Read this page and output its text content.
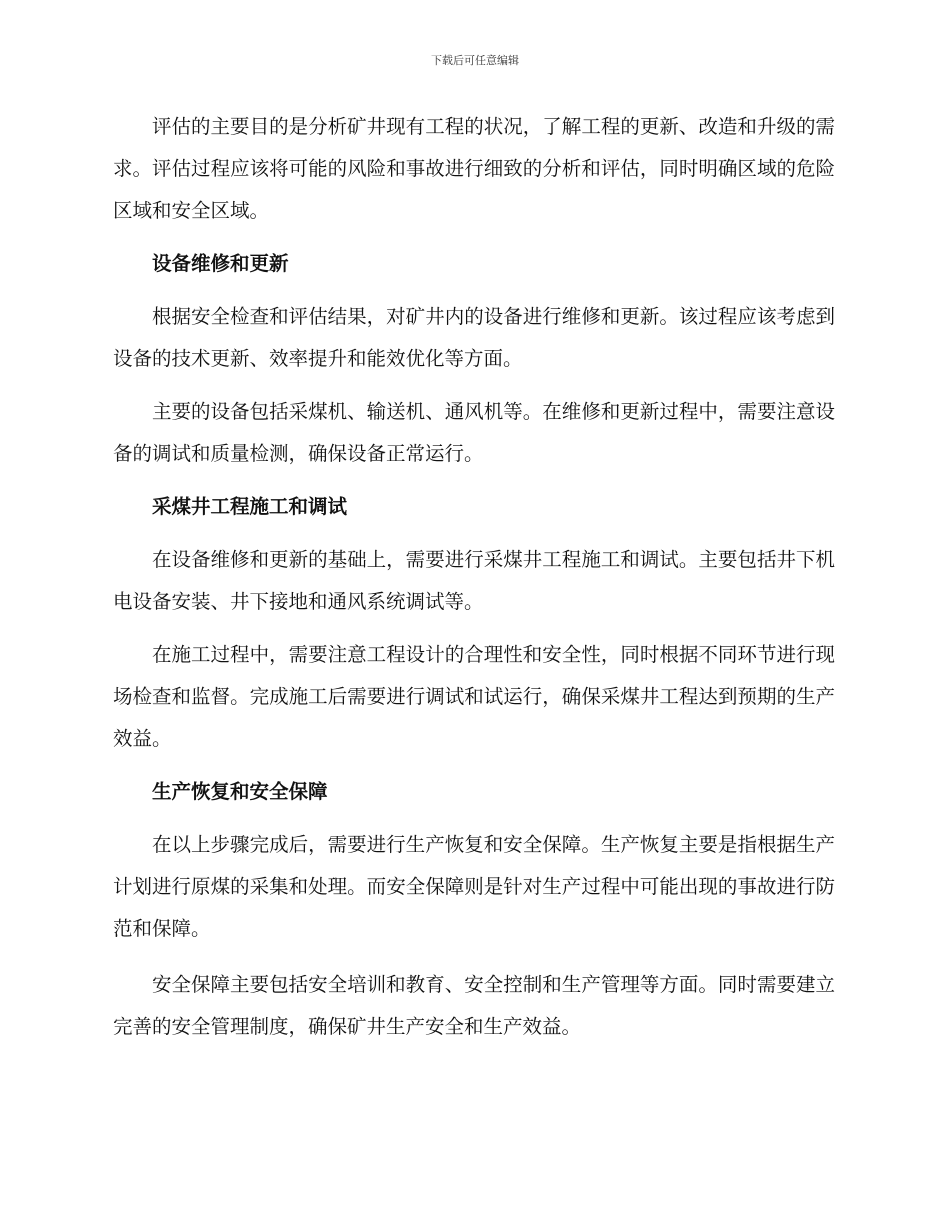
下载后可任意编辑

评估的主要目的是分析矿井现有工程的状况，了解工程的更新、改造和升级的需求。评估过程应该将可能的风险和事故进行细致的分析和评估，同时明确区域的危险区域和安全区域。

设备维修和更新

根据安全检查和评估结果，对矿井内的设备进行维修和更新。该过程应该考虑到设备的技术更新、效率提升和能效优化等方面。

主要的设备包括采煤机、输送机、通风机等。在维修和更新过程中，需要注意设备的调试和质量检测，确保设备正常运行。

采煤井工程施工和调试

在设备维修和更新的基础上，需要进行采煤井工程施工和调试。主要包括井下机电设备安装、井下接地和通风系统调试等。

在施工过程中，需要注意工程设计的合理性和安全性，同时根据不同环节进行现场检查和监督。完成施工后需要进行调试和试运行，确保采煤井工程达到预期的生产效益。

生产恢复和安全保障

在以上步骤完成后，需要进行生产恢复和安全保障。生产恢复主要是指根据生产计划进行原煤的采集和处理。而安全保障则是针对生产过程中可能出现的事故进行防范和保障。

安全保障主要包括安全培训和教育、安全控制和生产管理等方面。同时需要建立完善的安全管理制度，确保矿井生产安全和生产效益。
